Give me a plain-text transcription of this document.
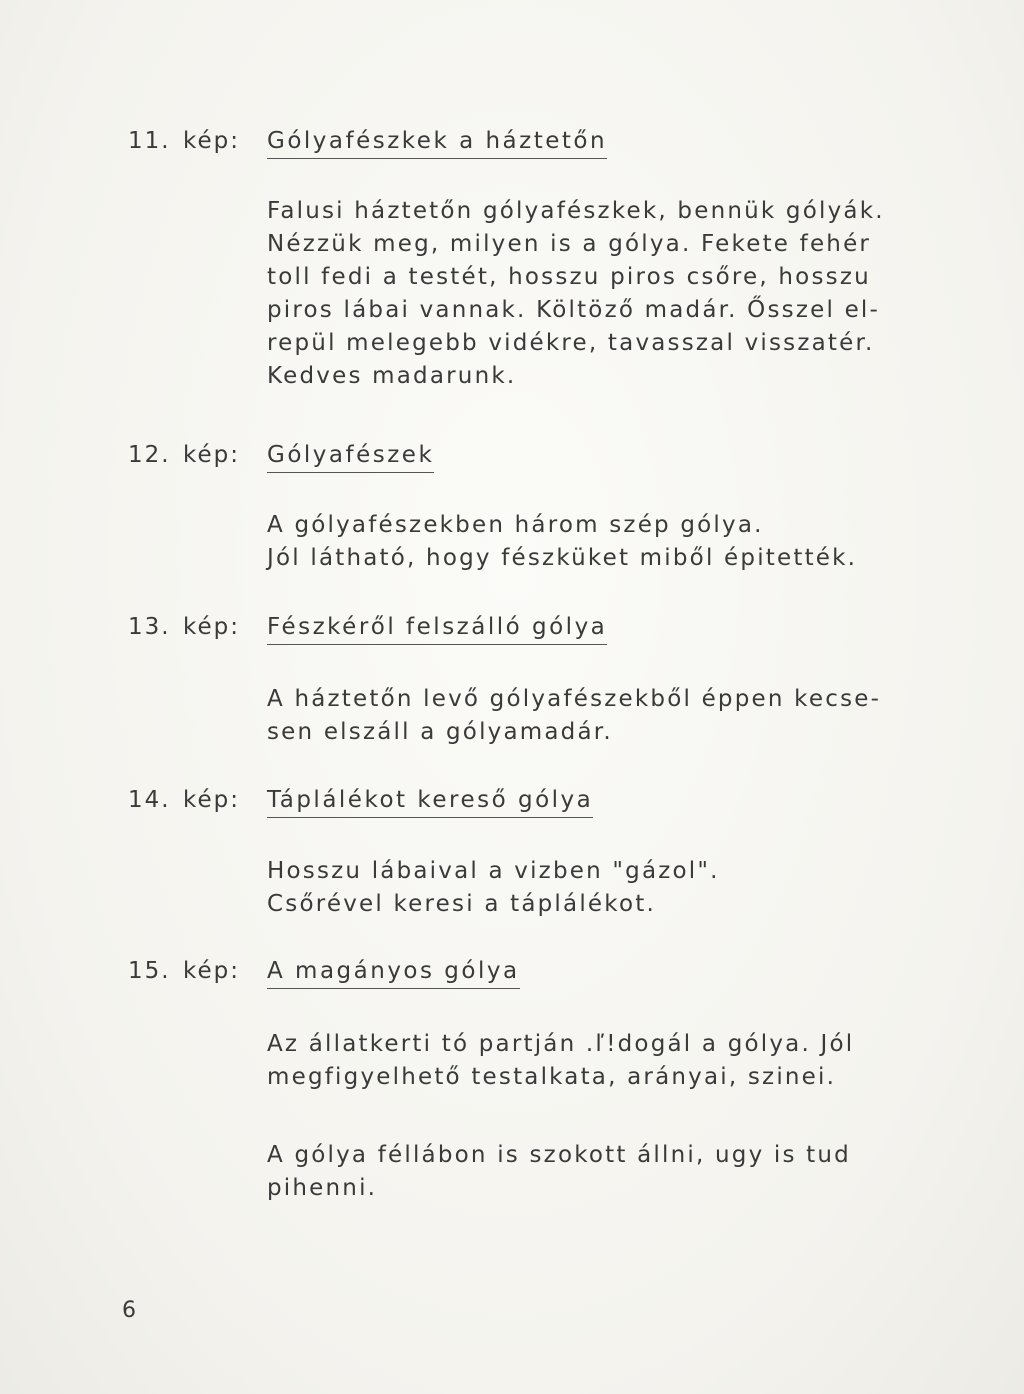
11. kép: Gólyafészkek a háztetőn
Falusi háztetőn gólyafészkek, bennük gólyák.
Nézzük meg, milyen is a gólya. Fekete fehér
toll fedi a testét, hosszu piros csőre, hosszu
piros lábai vannak. Költöző madár. Ősszel el-
repül melegebb vidékre, tavasszal visszatér.
Kedves madarunk.
12. kép: Gólyafészek
A gólyafészekben három szép gólya.
Jól látható, hogy fészküket miből épitették.
13. kép: Fészkéről felszálló gólya
A háztetőn levő gólyafészekből éppen kecse-
sen elszáll a gólyamadár.
14. kép: Táplálékot kereső gólya
Hosszu lábaival a vizben "gázol".
Csőrével keresi a táplálékot.
15. kép: A magányos gólya
Az állatkerti tó partján .ľ!dogál a gólya. Jól
megfigyelhető testalkata, arányai, szinei.
A gólya féllábon is szokott állni, ugy is tud
pihenni.
6
